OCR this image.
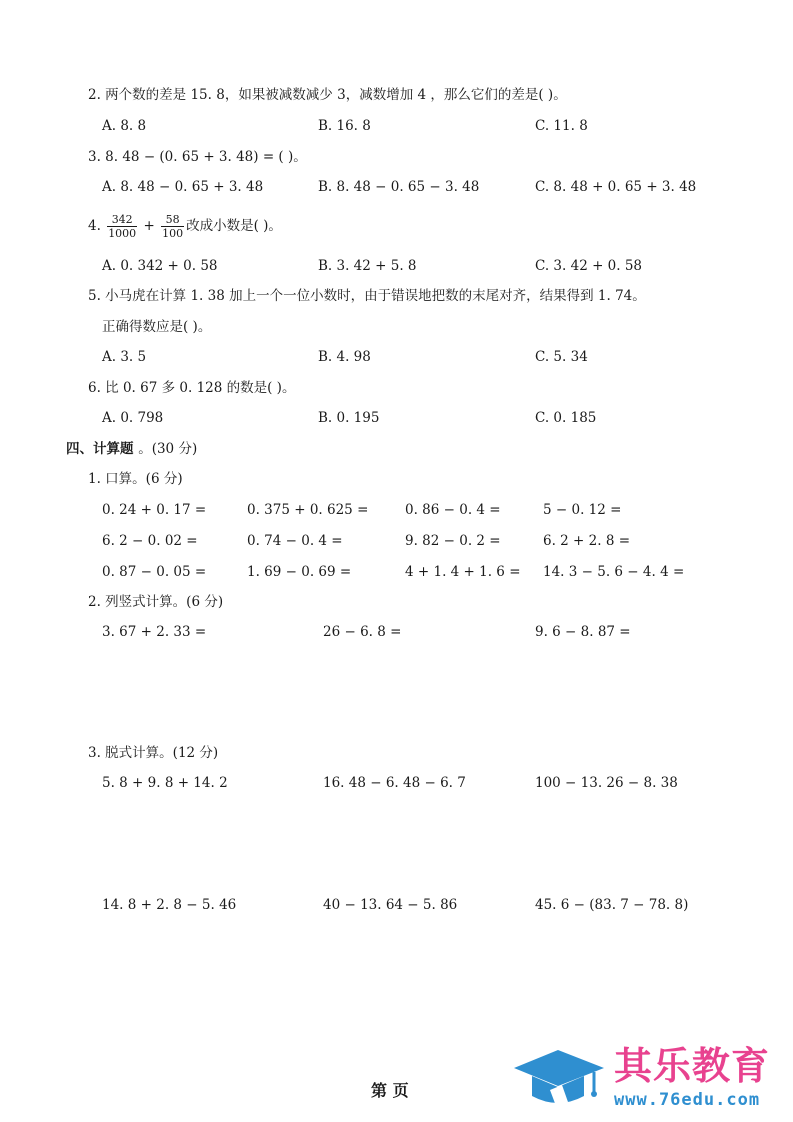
2. 两个数的差是 15. 8，如果被减数减少 3，减数增加 4 ，那么它们的差是( )。
A. 8. 8	B. 16. 8	C. 11. 8
3. 8. 48 − (0. 65 + 3. 48) = ( )。
A. 8. 48 − 0. 65 + 3. 48	B. 8. 48 − 0. 65 − 3. 48	C. 8. 48 + 0. 65 + 3. 48
4. $\frac{342}{1000} + \frac{58}{100}$ 改成小数是( )。
A. 0. 342 + 0. 58	B. 3. 42 + 5. 8	C. 3. 42 + 0. 58
5. 小马虎在计算 1. 38 加上一个一位小数时，由于错误地把数的末尾对齐，结果得到 1. 74。
正确得数应是( )。
A. 3. 5	B. 4. 98	C. 5. 34
6. 比 0. 67 多 0. 128 的数是( )。
A. 0. 798	B. 0. 195	C. 0. 185
四、计算题 。(30 分)
1. 口算。(6 分)
0. 24 + 0. 17 =	0. 375 + 0. 625 =	0. 86 − 0. 4 =	5 − 0. 12 =
6. 2 − 0. 02 =	0. 74 − 0. 4 =	9. 82 − 0. 2 =	6. 2 + 2. 8 =
0. 87 − 0. 05 =	1. 69 − 0. 69 =	4 + 1. 4 + 1. 6 = 14. 3 − 5. 6 − 4. 4 =
2. 列竖式计算。(6 分)
3. 67 + 2. 33 =	26 − 6. 8 =	9. 6 − 8. 87 =
3. 脱式计算。(12 分)
5. 8 + 9. 8 + 14. 2	16. 48 − 6. 48 − 6. 7	100 − 13. 26 − 8. 38
14. 8 + 2. 8 − 5. 46	40 − 13. 64 − 5. 86	45. 6 − (83. 7 − 78. 8)
第 页
其乐教育
www.76edu.com
